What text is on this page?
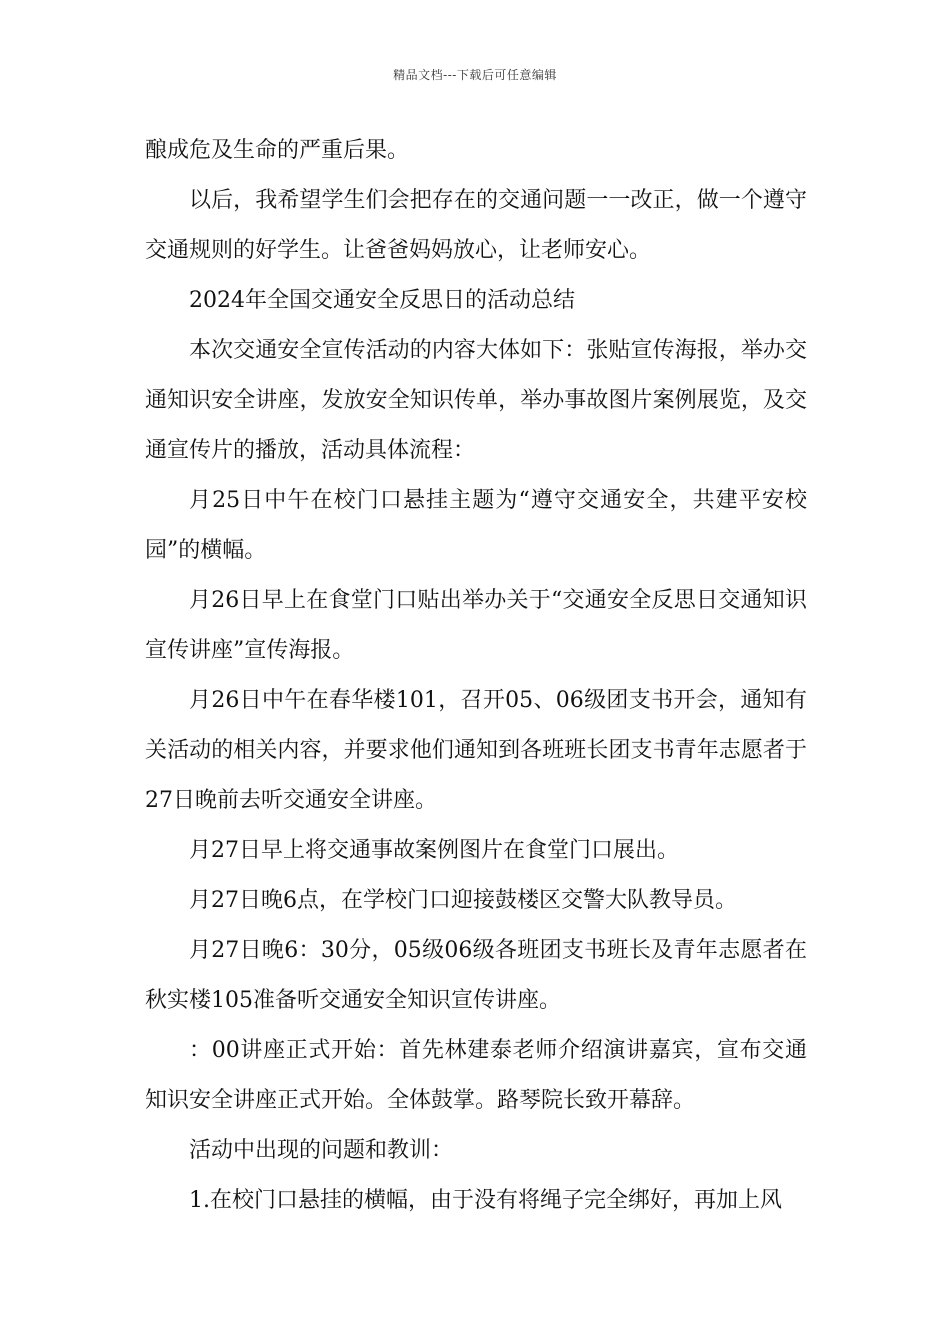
精品文档---下载后可任意编辑

酿成危及生命的严重后果。

以后，我希望学生们会把存在的交通问题一一改正，做一个遵守交通规则的好学生。让爸爸妈妈放心，让老师安心。

2024年全国交通安全反思日的活动总结

本次交通安全宣传活动的内容大体如下：张贴宣传海报，举办交通知识安全讲座，发放安全知识传单，举办事故图片案例展览，及交通宣传片的播放，活动具体流程：

月25日中午在校门口悬挂主题为“遵守交通安全，共建平安校园”的横幅。

月26日早上在食堂门口贴出举办关于“交通安全反思日交通知识宣传讲座”宣传海报。

月26日中午在春华楼101，召开05、06级团支书开会，通知有关活动的相关内容，并要求他们通知到各班班长团支书青年志愿者于27日晚前去听交通安全讲座。

月27日早上将交通事故案例图片在食堂门口展出。

月27日晚6点，在学校门口迎接鼓楼区交警大队教导员。

月27日晚6：30分，05级06级各班团支书班长及青年志愿者在秋实楼105准备听交通安全知识宣传讲座。

：00讲座正式开始：首先林建泰老师介绍演讲嘉宾，宣布交通知识安全讲座正式开始。全体鼓掌。路琴院长致开幕辞。

活动中出现的问题和教训：

1.在校门口悬挂的横幅，由于没有将绳子完全绑好，再加上风
